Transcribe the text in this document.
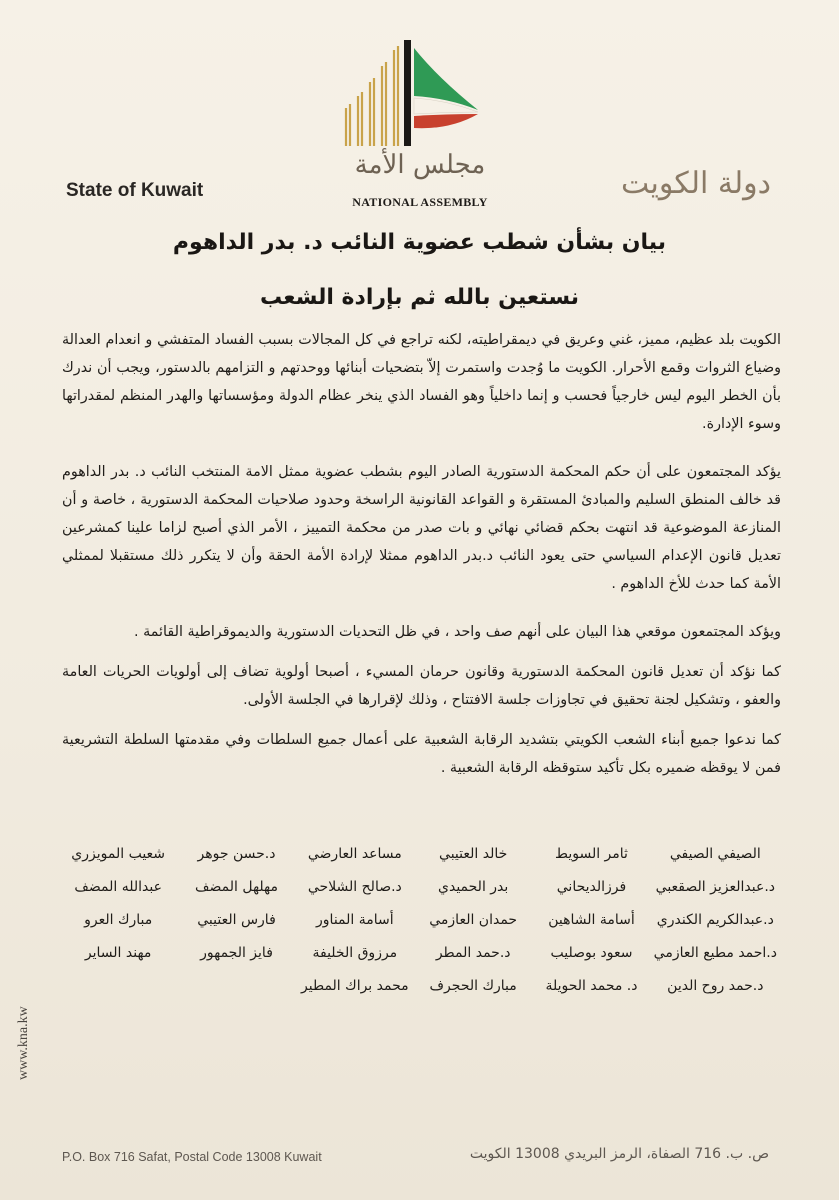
State of Kuwait	دولة الكويت
مجلس الأمة
NATIONAL ASSEMBLY
بيان بشأن شطب عضوية النائب د. بدر الداهوم
نستعين بالله ثم بإرادة الشعب

الكويت بلد عظيم، مميز، غني وعريق في ديمقراطيته، لكنه تراجع في كل المجالات بسبب الفساد المتفشي و انعدام العدالة وضياع الثروات وقمع الأحرار. الكويت ما وُجدت واستمرت إلاّ بتضحيات أبنائها ووحدتهم و التزامهم بالدستور، ويجب أن ندرك بأن الخطر اليوم ليس خارجياً فحسب و إنما داخلياً وهو الفساد الذي ينخر عظام الدولة ومؤسساتها والهدر المنظم لمقدراتها وسوء الإدارة.

يؤكد المجتمعون على أن حكم المحكمة الدستورية الصادر اليوم بشطب عضوية ممثل الامة المنتخب النائب د. بدر الداهوم قد خالف المنطق السليم والمبادئ المستقرة و القواعد القانونية الراسخة وحدود صلاحيات المحكمة الدستورية ، خاصة و أن المنازعة الموضوعية قد انتهت بحكم قضائي نهائي و بات صدر من محكمة التمييز ، الأمر الذي أصبح لزاما علينا كمشرعين تعديل قانون الإعدام السياسي حتى يعود النائب د.بدر الداهوم ممثلا لإرادة الأمة الحقة وأن لا يتكرر ذلك مستقبلا لممثلي الأمة كما حدث للأخ الداهوم .

ويؤكد المجتمعون موقعي هذا البيان على أنهم صف واحد ، في ظل التحديات الدستورية والديموقراطية القائمة .

كما نؤكد أن تعديل قانون المحكمة الدستورية وقانون حرمان المسيء ، أصبحا أولوية تضاف إلى أولويات الحريات العامة والعفو ، وتشكيل لجنة تحقيق في تجاوزات جلسة الافتتاح ، وذلك لإقرارها في الجلسة الأولى.

كما ندعوا جميع أبناء الشعب الكويتي بتشديد الرقابة الشعبية على أعمال جميع السلطات وفي مقدمتها السلطة التشريعية فمن لا يوقظه ضميره بكل تأكيد ستوقظه الرقابة الشعبية .

الصيفي الصيفي
ثامر السويط
خالد العتيبي
مساعد العارضي
د.حسن جوهر
شعيب المويزري
د.عبدالعزيز الصقعبي
فرزالديحاني
بدر الحميدي
د.صالح الشلاحي
مهلهل المضف
عبدالله المضف
د.عبدالكريم الكندري
أسامة الشاهين
حمدان العازمي
أسامة المناور
فارس العتيبي
مبارك العرو
د.احمد مطيع العازمي
سعود بوصليب
د.حمد المطر
مرزوق الخليفة
فايز الجمهور
مهند الساير
د.حمد روح الدين
د. محمد الحويلة
مبارك الحجرف
محمد براك المطير
www.kna.kw
P.O. Box 716 Safat, Postal Code 13008 Kuwait	ص. ب. 716 الصفاة، الرمز البريدي 13008 الكويت
